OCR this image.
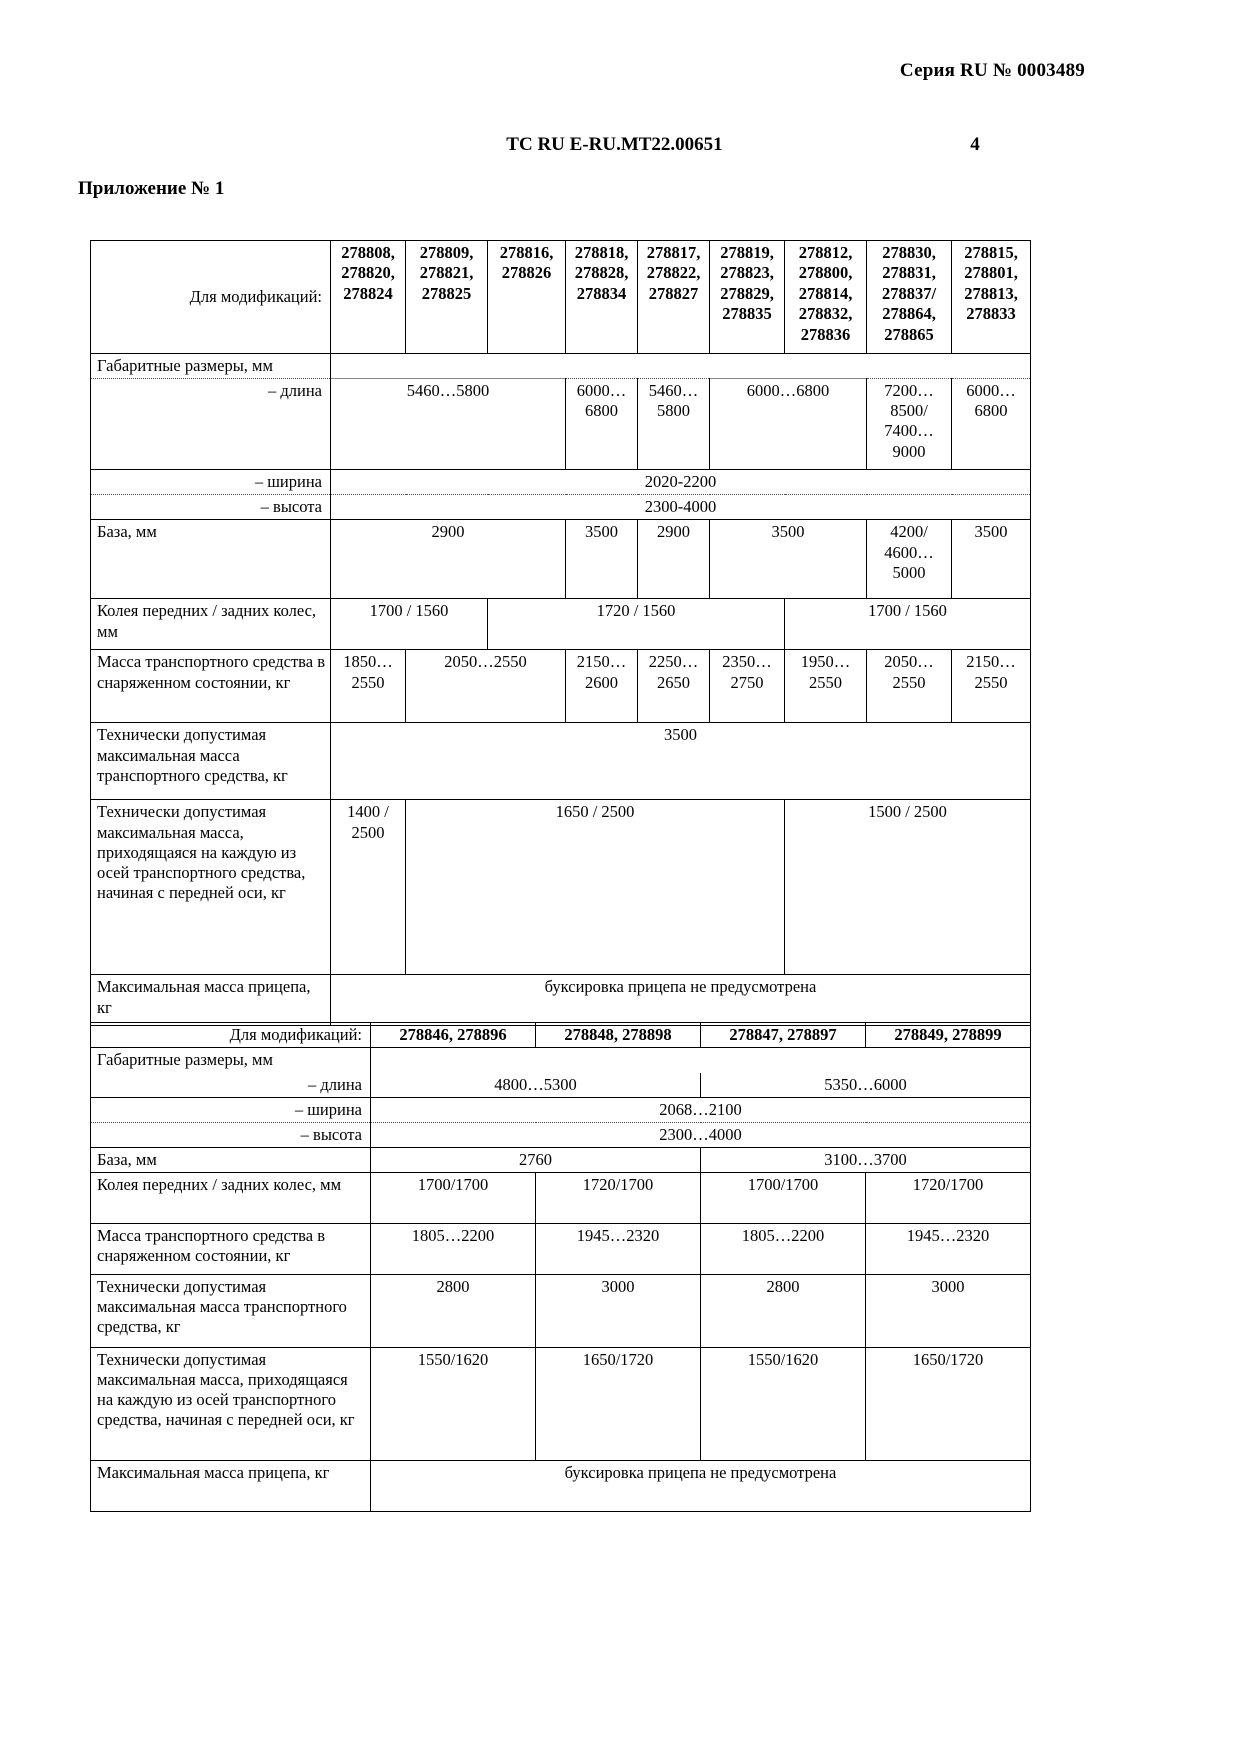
Серия RU № 0003489
ТС RU E-RU.MT22.00651	4
Приложение № 1
Для модификаций:	278808, 278820, 278824	278809, 278821, 278825	278816, 278826	278818, 278828, 278834	278817, 278822, 278827	278819, 278823, 278829, 278835	278812, 278800, 278814, 278832, 278836	278830, 278831, 278837/ 278864, 278865	278815, 278801, 278813, 278833
Габаритные размеры, мм									
– длина	5460…5800			6000…6800	5460…5800	6000…6800		7200…8500/ 7400…9000	6000…6800
– ширина	2020-2200								
– высота	2300-4000								
База, мм	2900			3500	2900	3500		4200/ 4600…5000	3500
Колея передних / задних колес, мм	1700 / 1560		1720 / 1560				1700 / 1560		
Масса транспортного средства в снаряженном состоянии, кг	1850…2550	2050…2550		2150…2600	2250…2650	2350…2750	1950…2550	2050…2550	2150…2550
Технически допустимая максимальная масса транспортного средства, кг	3500								
Технически допустимая максимальная масса, приходящаяся на каждую из осей транспортного средства, начиная с передней оси, кг	1400 / 2500	1650 / 2500					1500 / 2500		
Максимальная масса прицепа, кг	буксировка прицепа не предусмотрена								
Для модификаций:	278846, 278896	278848, 278898	278847, 278897	278849, 278899
Габаритные размеры, мм				
– длина	4800…5300		5350…6000	
– ширина	2068…2100			
– высота	2300…4000			
База, мм	2760		3100…3700	
Колея передних / задних колес, мм	1700/1700	1720/1700	1700/1700	1720/1700
Масса транспортного средства в снаряженном состоянии, кг	1805…2200	1945…2320	1805…2200	1945…2320
Технически допустимая максимальная масса транспортного средства, кг	2800	3000	2800	3000
Технически допустимая максимальная масса, приходящаяся на каждую из осей транспортного средства, начиная с передней оси, кг	1550/1620	1650/1720	1550/1620	1650/1720
Максимальная масса прицепа, кг	буксировка прицепа не предусмотрена			
